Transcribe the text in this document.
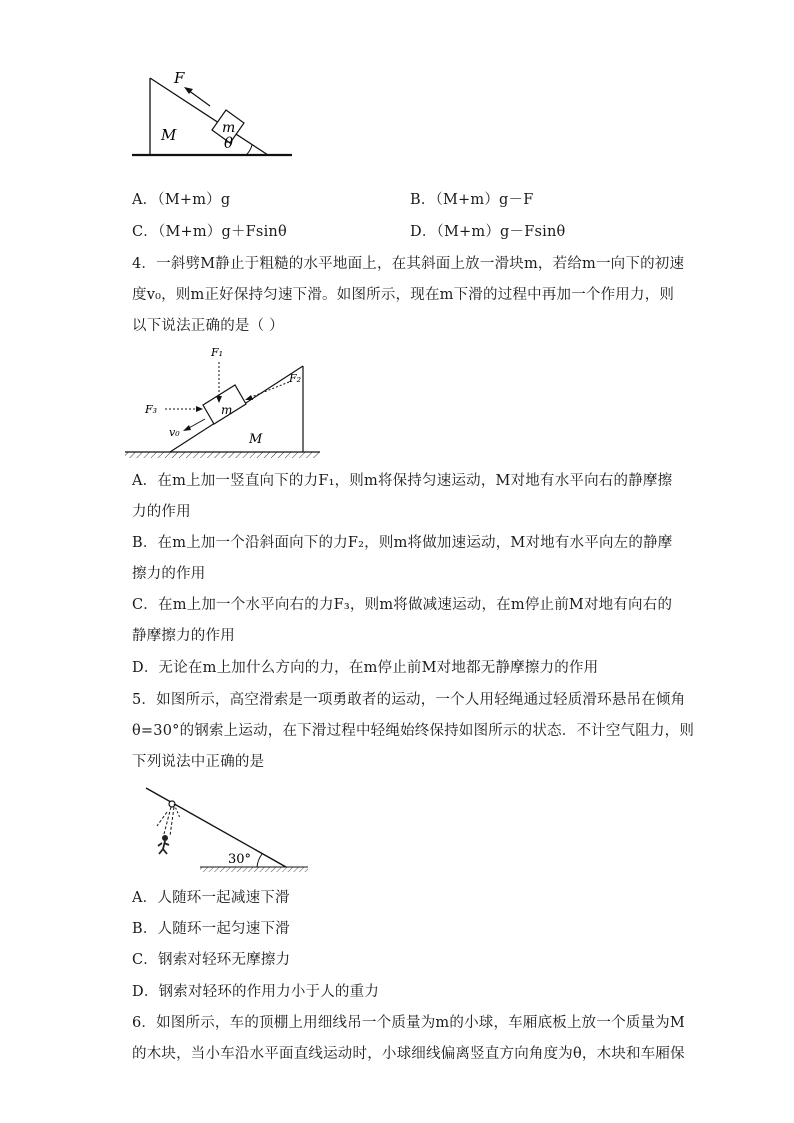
F
m
M	θ
A．（M+m）g	B．（M+m）g－F
C．（M+m）g＋Fsinθ	D．（M+m）g－Fsinθ
4．一斜劈M静止于粗糙的水平地面上，在其斜面上放一滑块m，若给m一向下的初速
度v₀，则m正好保持匀速下滑。如图所示，现在m下滑的过程中再加一个作用力，则
以下说法正确的是（ ）
F₁
F₂
F₃
v₀
m
M
A．在m上加一竖直向下的力F₁，则m将保持匀速运动，M对地有水平向右的静摩擦
力的作用
B．在m上加一个沿斜面向下的力F₂，则m将做加速运动，M对地有水平向左的静摩
擦力的作用
C．在m上加一个水平向右的力F₃，则m将做减速运动，在m停止前M对地有向右的
静摩擦力的作用
D．无论在m上加什么方向的力，在m停止前M对地都无静摩擦力的作用
5．如图所示，高空滑索是一项勇敢者的运动，一个人用轻绳通过轻质滑环悬吊在倾角
θ=30°的钢索上运动，在下滑过程中轻绳始终保持如图所示的状态．不计空气阻力，则
下列说法中正确的是
30°
A．人随环一起减速下滑
B．人随环一起匀速下滑
C．钢索对轻环无摩擦力
D．钢索对轻环的作用力小于人的重力
6．如图所示，车的顶棚上用细线吊一个质量为m的小球，车厢底板上放一个质量为M
的木块，当小车沿水平面直线运动时，小球细线偏离竖直方向角度为θ，木块和车厢保
